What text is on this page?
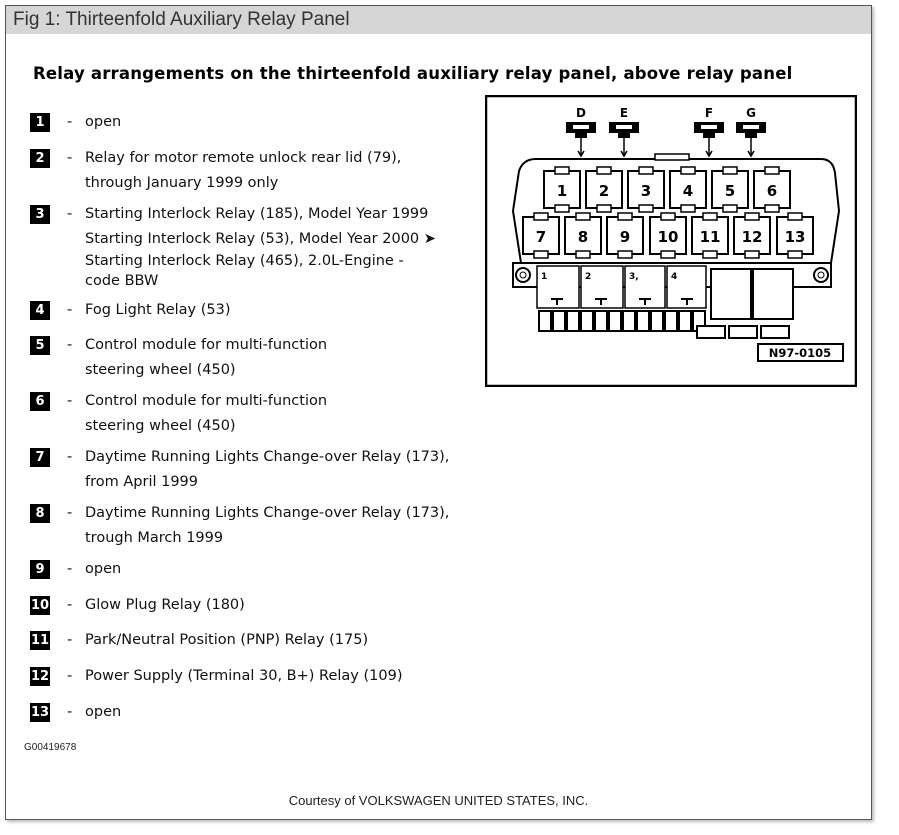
Fig 1: Thirteenfold Auxiliary Relay Panel
Relay arrangements on the thirteenfold auxiliary relay panel, above relay panel
1	- open
2	- Relay for motor remote unlock rear lid (79),
through January 1999 only
3	- Starting Interlock Relay (185), Model Year 1999
Starting Interlock Relay (53), Model Year 2000 ➤
Starting Interlock Relay (465), 2.0L-Engine -
code BBW
4	- Fog Light Relay (53)
5	- Control module for multi-function
steering wheel (450)
6	- Control module for multi-function
steering wheel (450)
7	- Daytime Running Lights Change-over Relay (173),
from April 1999
8	- Daytime Running Lights Change-over Relay (173),
trough March 1999
9	- open
10 - Glow Plug Relay (180)
11 - Park/Neutral Position (PNP) Relay (175)
12 - Power Supply (Terminal 30, B+) Relay (109)
13 - open
G00419678
Courtesy of VOLKSWAGEN UNITED STATES, INC.
1	2	3,	4
1 2 3 4 5 6
7 8 9 10 11 12 13
D	E	F	G
N97-0105
